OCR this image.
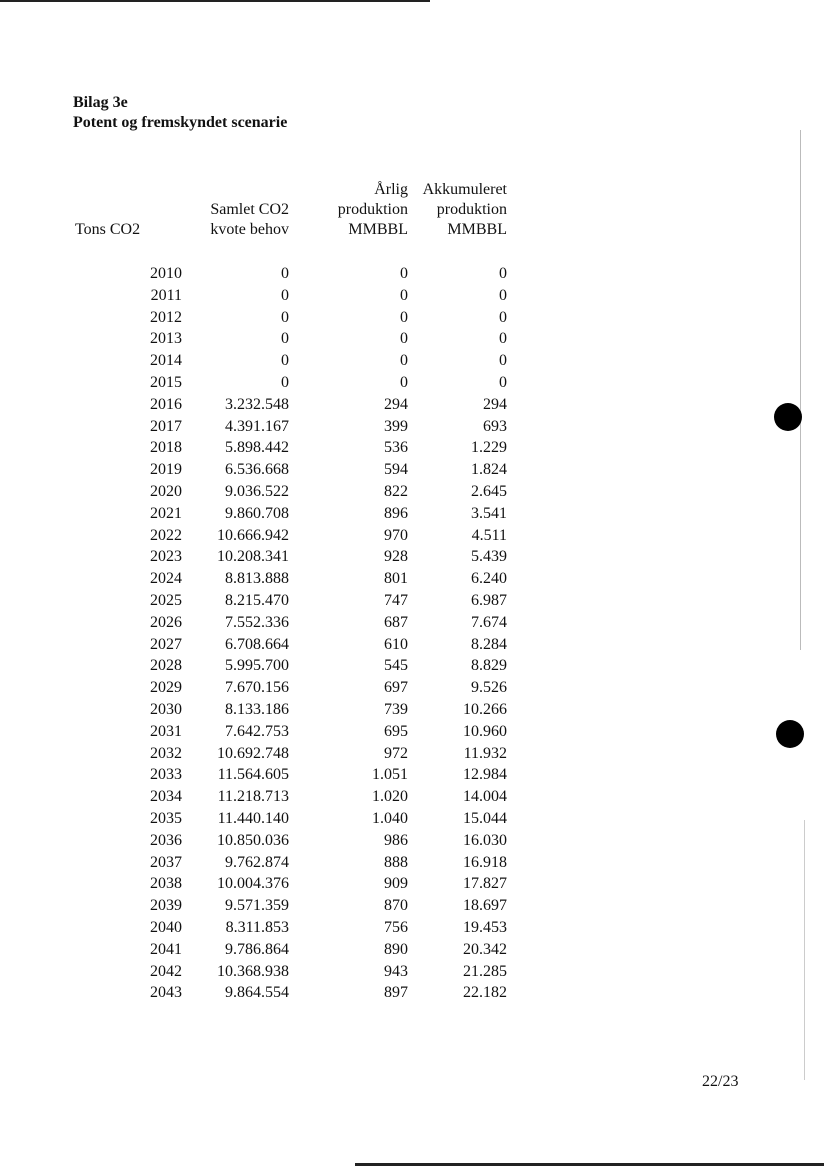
Bilag 3e
Potent og fremskyndet scenarie
Tons CO2
Samlet CO2
kvote behov
Årlig
produktion
MMBBL
Akkumuleret
produktion
MMBBL
2010	0	0	0
2011	0	0	0
2012	0	0	0
2013	0	0	0
2014	0	0	0
2015	0	0	0
2016	3.232.548	294	294
2017	4.391.167	399	693
2018	5.898.442	536	1.229
2019	6.536.668	594	1.824
2020	9.036.522	822	2.645
2021	9.860.708	896	3.541
2022 10.666.942	970	4.511
2023 10.208.341	928	5.439
2024	8.813.888	801	6.240
2025	8.215.470	747	6.987
2026	7.552.336	687	7.674
2027	6.708.664	610	8.284
2028	5.995.700	545	8.829
2029	7.670.156	697	9.526
2030	8.133.186	739	10.266
2031	7.642.753	695	10.960
2032 10.692.748	972	11.932
2033 11.564.605	1.051	12.984
2034 11.218.713	1.020	14.004
2035 11.440.140	1.040	15.044
2036 10.850.036	986	16.030
2037	9.762.874	888	16.918
2038 10.004.376	909	17.827
2039	9.571.359	870	18.697
2040	8.311.853	756	19.453
2041	9.786.864	890	20.342
2042 10.368.938	943	21.285
2043	9.864.554	897	22.182
22/23
